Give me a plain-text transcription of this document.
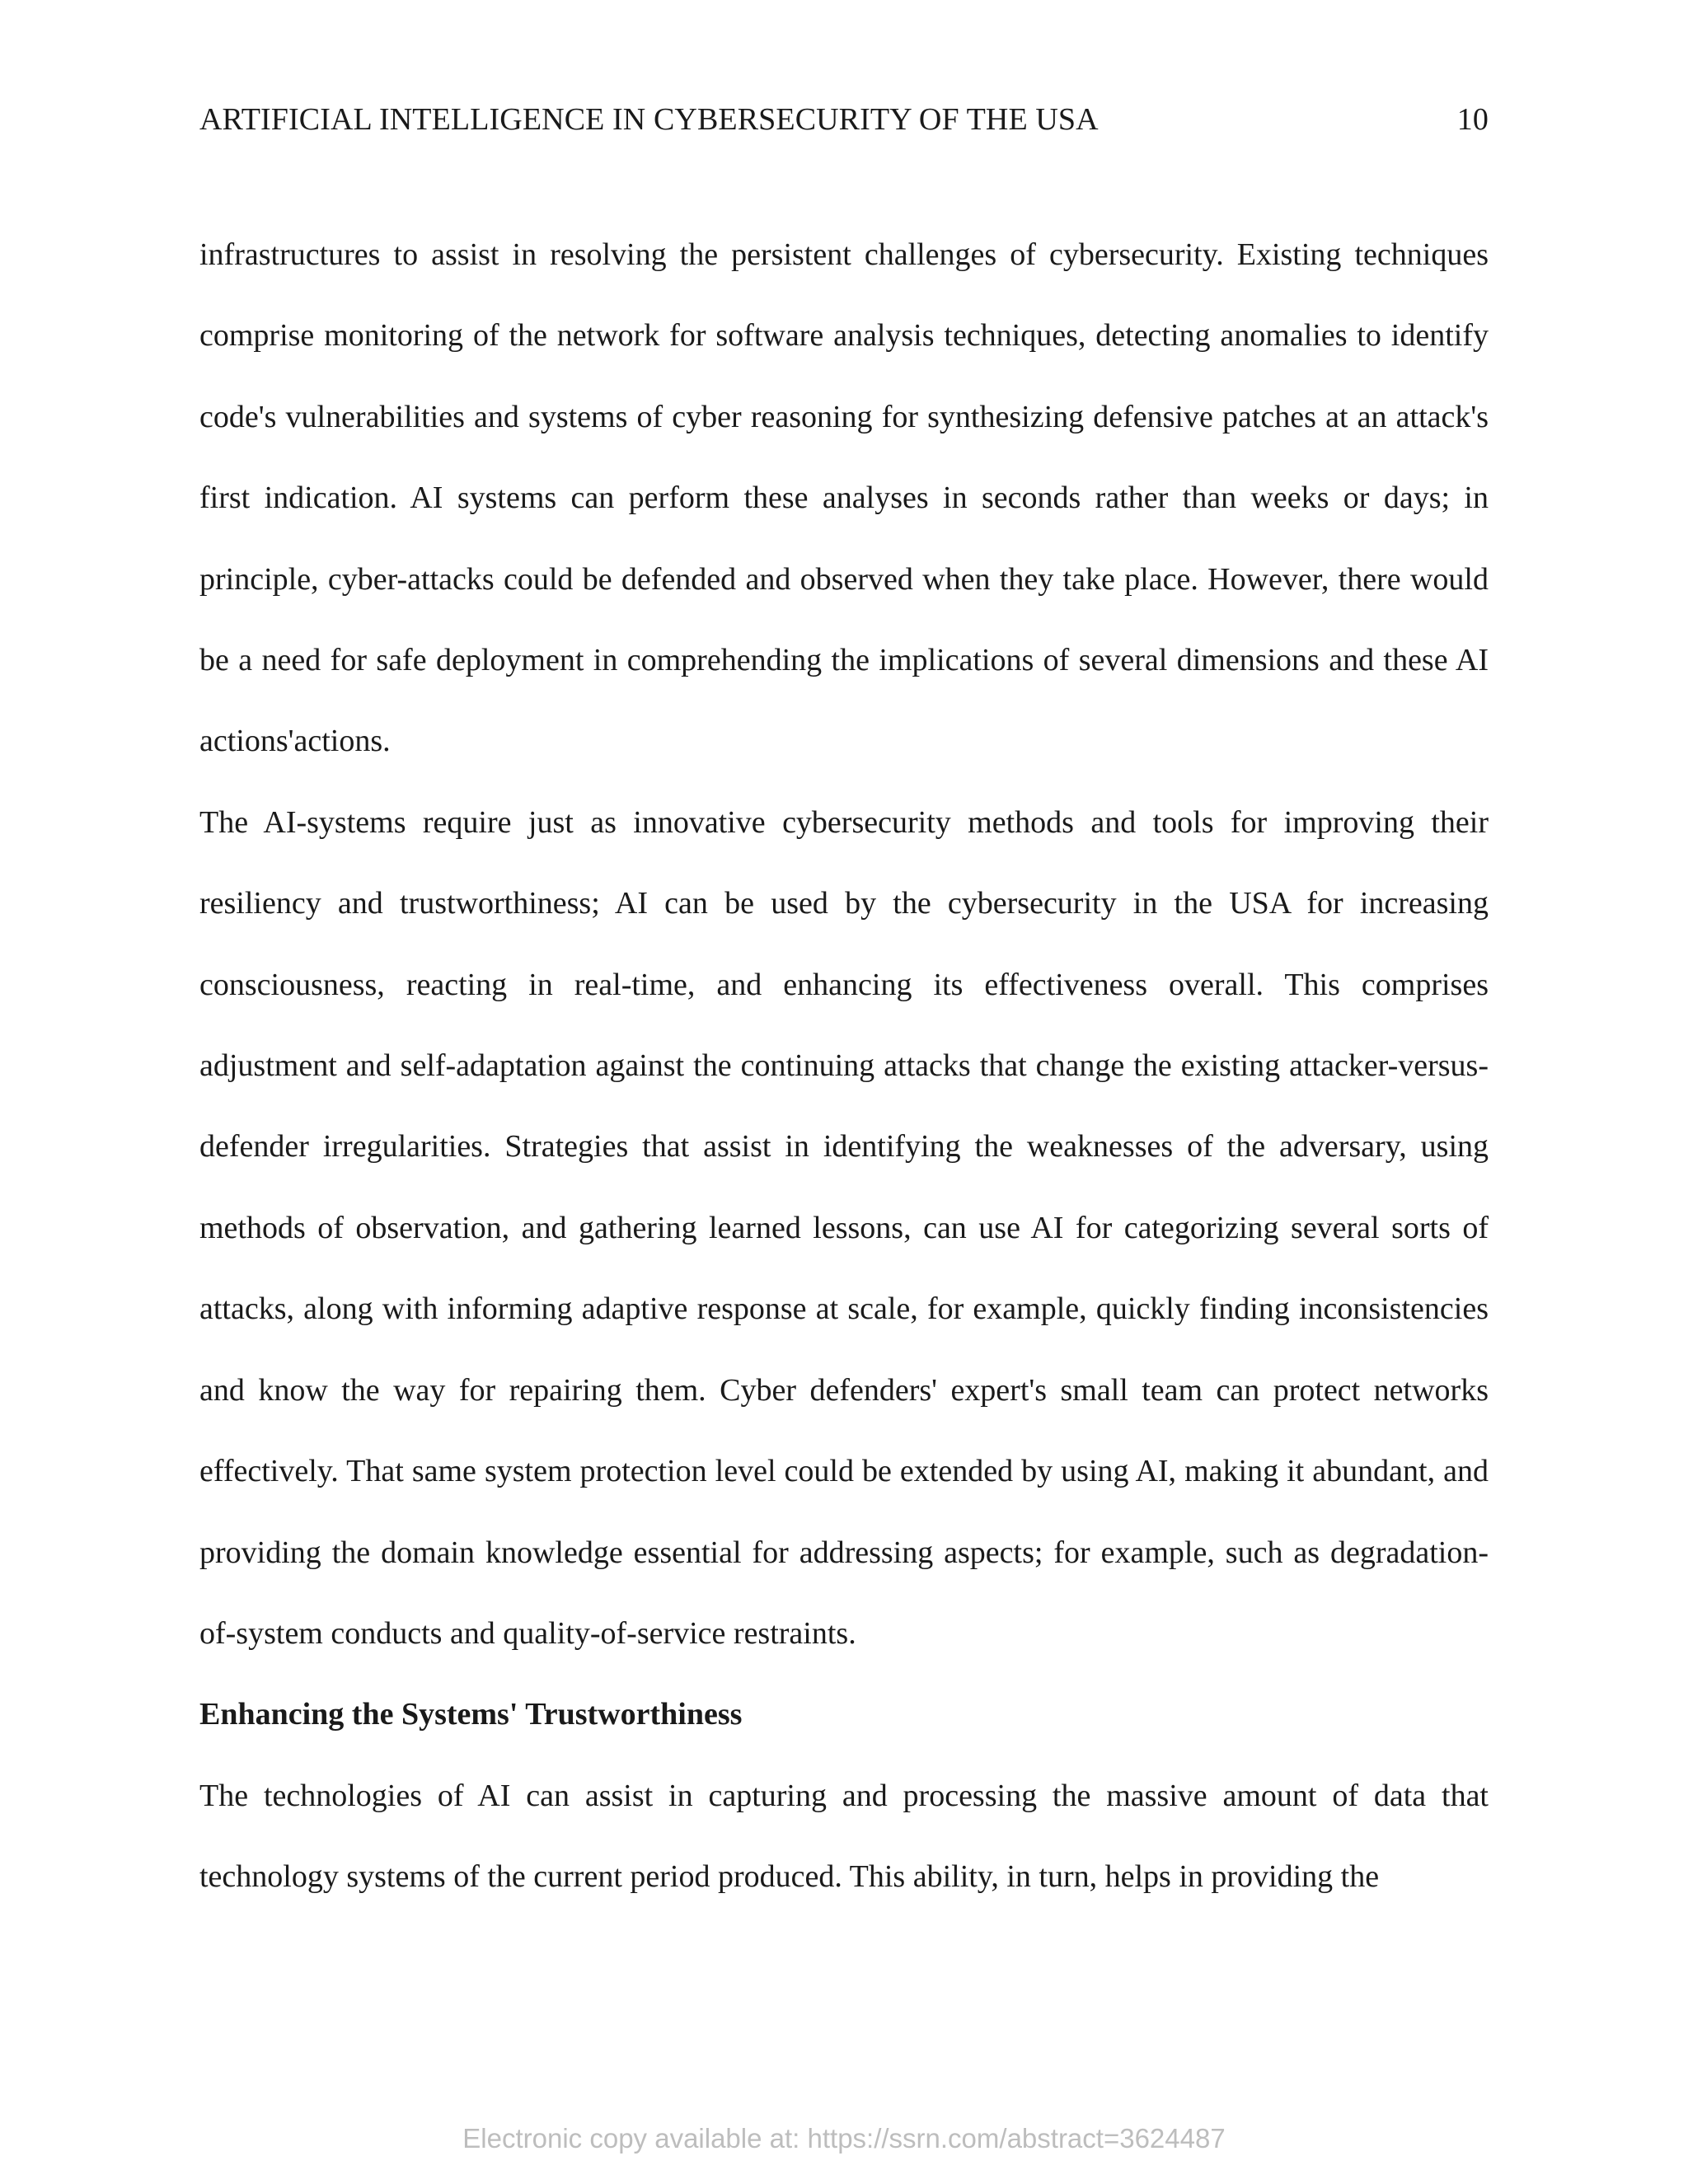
ARTIFICIAL INTELLIGENCE IN CYBERSECURITY OF THE USA	10

infrastructures to assist in resolving the persistent challenges of cybersecurity. Existing techniques comprise monitoring of the network for software analysis techniques, detecting anomalies to identify code's vulnerabilities and systems of cyber reasoning for synthesizing defensive patches at an attack's first indication. AI systems can perform these analyses in seconds rather than weeks or days; in principle, cyber-attacks could be defended and observed when they take place. However, there would be a need for safe deployment in comprehending the implications of several dimensions and these AI actions'actions.

The AI-systems require just as innovative cybersecurity methods and tools for improving their resiliency and trustworthiness; AI can be used by the cybersecurity in the USA for increasing consciousness, reacting in real-time, and enhancing its effectiveness overall. This comprises adjustment and self-adaptation against the continuing attacks that change the existing attacker-versus-defender irregularities. Strategies that assist in identifying the weaknesses of the adversary, using methods of observation, and gathering learned lessons, can use AI for categorizing several sorts of attacks, along with informing adaptive response at scale, for example, quickly finding inconsistencies and know the way for repairing them. Cyber defenders' expert's small team can protect networks effectively. That same system protection level could be extended by using AI, making it abundant, and providing the domain knowledge essential for addressing aspects; for example, such as degradation-of-system conducts and quality-of-service restraints.

Enhancing the Systems' Trustworthiness

The technologies of AI can assist in capturing and processing the massive amount of data that technology systems of the current period produced. This ability, in turn, helps in providing the

Electronic copy available at: https://ssrn.com/abstract=3624487
